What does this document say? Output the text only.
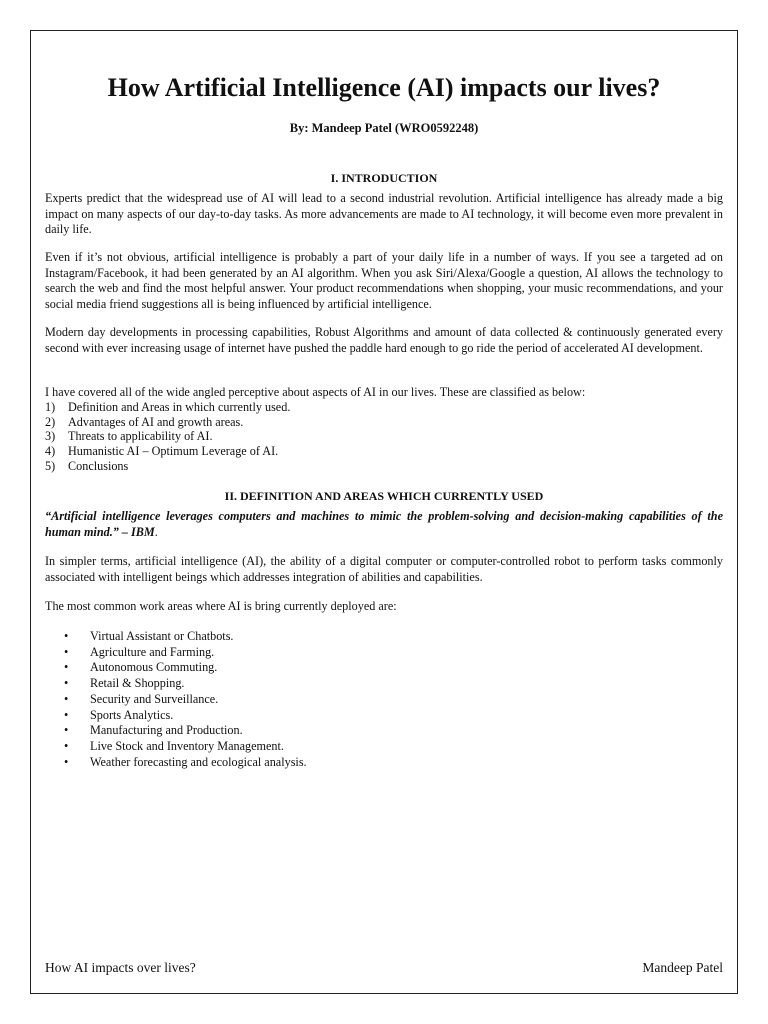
How Artificial Intelligence (AI) impacts our lives?

By: Mandeep Patel (WRO0592248)

I. INTRODUCTION

Experts predict that the widespread use of AI will lead to a second industrial revolution. Artificial intelligence has already made a big impact on many aspects of our day-to-day tasks. As more advancements are made to AI technology, it will become even more prevalent in daily life.

Even if it’s not obvious, artificial intelligence is probably a part of your daily life in a number of ways. If you see a targeted ad on Instagram/Facebook, it had been generated by an AI algorithm. When you ask Siri/Alexa/Google a question, AI allows the technology to search the web and find the most helpful answer. Your product recommendations when shopping, your music recommendations, and your social media friend suggestions all is being influenced by artificial intelligence.

Modern day developments in processing capabilities, Robust Algorithms and amount of data collected & continuously generated every second with ever increasing usage of internet have pushed the paddle hard enough to go ride the period of accelerated AI development.

I have covered all of the wide angled perceptive about aspects of AI in our lives. These are classified as below:

1)	Definition and Areas in which currently used.
2)	Advantages of AI and growth areas.
3)	Threats to applicability of AI.
4)	Humanistic AI – Optimum Leverage of AI.
5)	Conclusions
II. DEFINITION AND AREAS WHICH CURRENTLY USED

“Artificial intelligence leverages computers and machines to mimic the problem-solving and decision-making capabilities of the human mind.” – IBM.

In simpler terms, artificial intelligence (AI), the ability of a digital computer or computer-controlled robot to perform tasks commonly associated with intelligent beings which addresses integration of abilities and capabilities.

The most common work areas where AI is bring currently deployed are:

•	Virtual Assistant or Chatbots.
•	Agriculture and Farming.
•	Autonomous Commuting.
•	Retail & Shopping.
•	Security and Surveillance.
•	Sports Analytics.
•	Manufacturing and Production.
•	Live Stock and Inventory Management.
•	Weather forecasting and ecological analysis.

How AI impacts over lives?	Mandeep Patel
